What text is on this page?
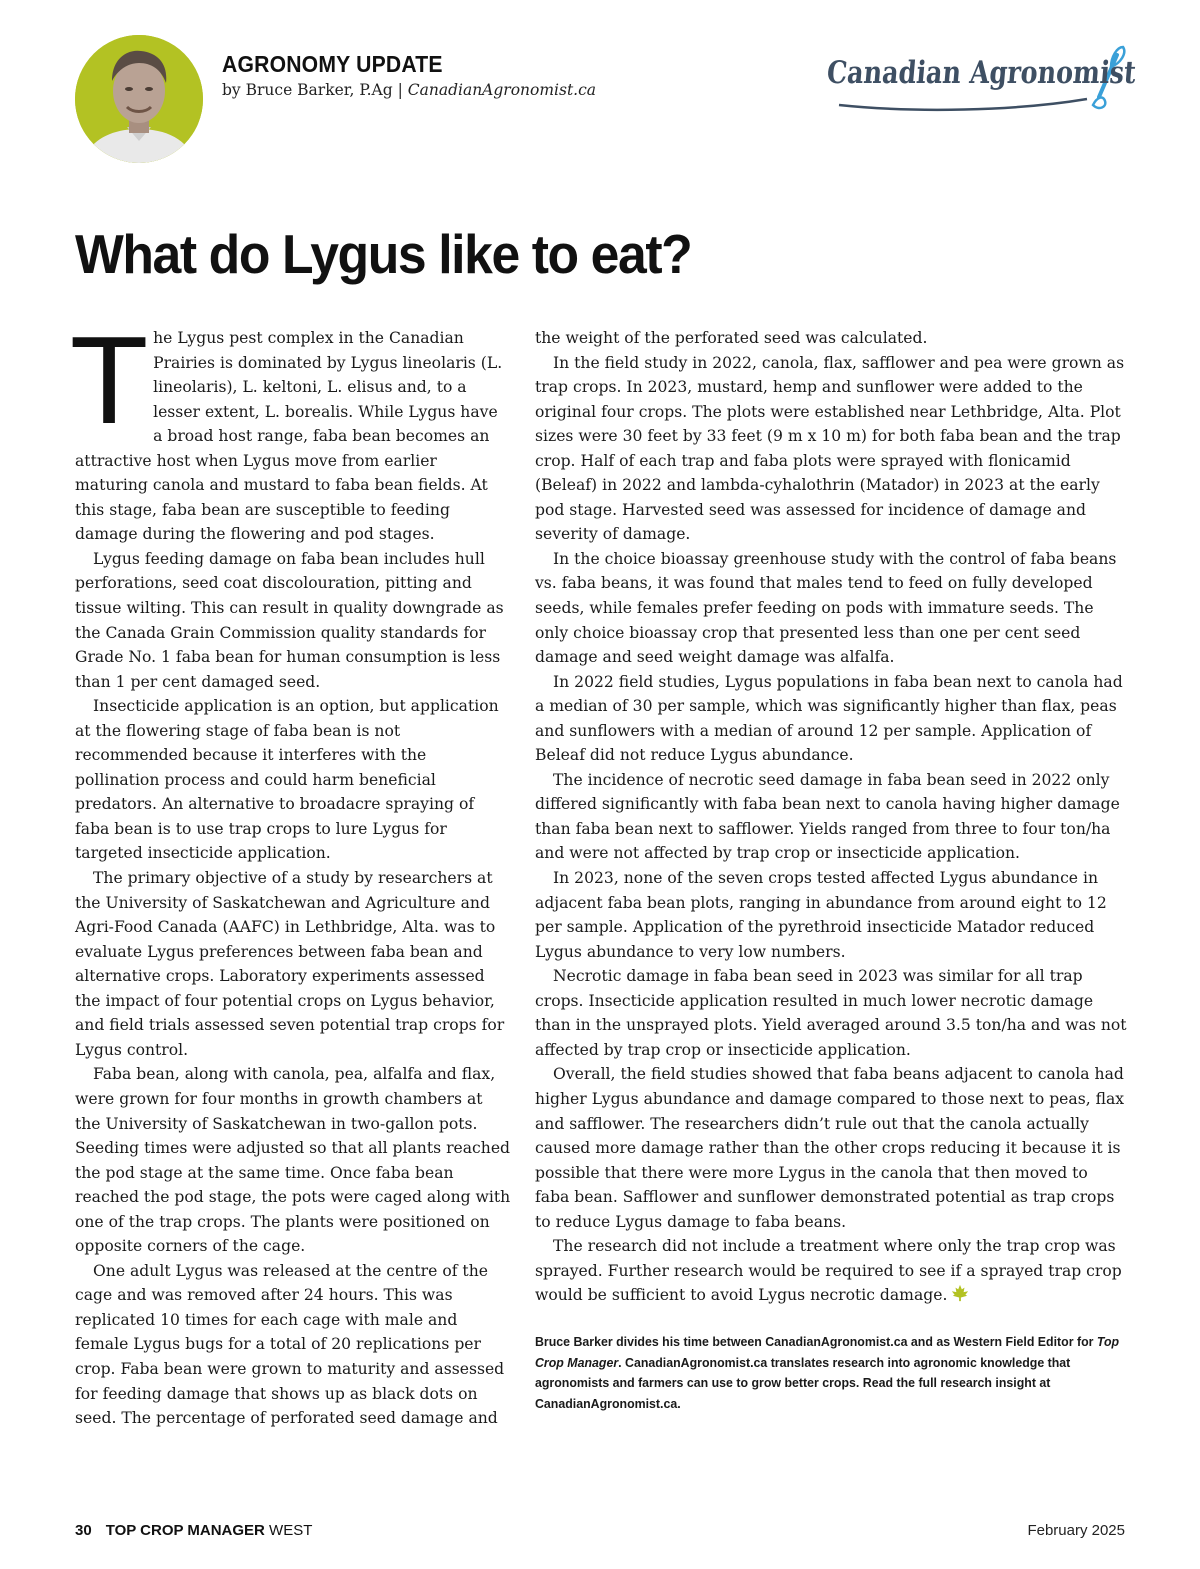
AGRONOMY UPDATE
by Bruce Barker, P.Ag | CanadianAgronomist.ca	Canadian Agronomist
What do Lygus like to eat?
T he Lygus pest complex in the Canadian Prairies is dominated by Lygus lineolaris (L. lineolaris), L. keltoni, L. elisus and, to a lesser extent, L. borealis. While Lygus have a broad host range, faba bean becomes an attractive host when Lygus move from earlier maturing canola and mustard to faba bean fields. At this stage, faba bean are susceptible to feeding damage during the flowering and pod stages.

Lygus feeding damage on faba bean includes hull perforations, seed coat discolouration, pitting and tissue wilting. This can result in quality downgrade as the Canada Grain Commission quality standards for Grade No. 1 faba bean for human consumption is less than 1 per cent damaged seed.

Insecticide application is an option, but application at the flowering stage of faba bean is not recommended because it interferes with the pollination process and could harm beneficial predators. An alternative to broadacre spraying of faba bean is to use trap crops to lure Lygus for targeted insecticide application.

The primary objective of a study by researchers at the University of Saskatchewan and Agriculture and Agri-Food Canada (AAFC) in Lethbridge, Alta. was to evaluate Lygus preferences between faba bean and alternative crops. Laboratory experiments assessed the impact of four potential crops on Lygus behavior, and field trials assessed seven potential trap crops for Lygus control.

Faba bean, along with canola, pea, alfalfa and flax, were grown for four months in growth chambers at the University of Saskatchewan in two-gallon pots. Seeding times were adjusted so that all plants reached the pod stage at the same time. Once faba bean reached the pod stage, the pots were caged along with one of the trap crops. The plants were positioned on opposite corners of the cage.

One adult Lygus was released at the centre of the cage and was removed after 24 hours. This was replicated 10 times for each cage with male and female Lygus bugs for a total of 20 replications per crop. Faba bean were grown to maturity and assessed for feeding damage that shows up as black dots on seed. The percentage of perforated seed damage and

the weight of the perforated seed was calculated.

In the field study in 2022, canola, flax, safflower and pea were grown as trap crops. In 2023, mustard, hemp and sunflower were added to the original four crops. The plots were established near Lethbridge, Alta. Plot sizes were 30 feet by 33 feet (9 m x 10 m) for both faba bean and the trap crop. Half of each trap and faba plots were sprayed with flonicamid (Beleaf) in 2022 and lambda-cyhalothrin (Matador) in 2023 at the early pod stage. Harvested seed was assessed for incidence of damage and severity of damage.

In the choice bioassay greenhouse study with the control of faba beans vs. faba beans, it was found that males tend to feed on fully developed seeds, while females prefer feeding on pods with immature seeds. The only choice bioassay crop that presented less than one per cent seed damage and seed weight damage was alfalfa.

In 2022 field studies, Lygus populations in faba bean next to canola had a median of 30 per sample, which was significantly higher than flax, peas and sunflowers with a median of around 12 per sample. Application of Beleaf did not reduce Lygus abundance.

The incidence of necrotic seed damage in faba bean seed in 2022 only differed significantly with faba bean next to canola having higher damage than faba bean next to safflower. Yields ranged from three to four ton/ha and were not affected by trap crop or insecticide application.

In 2023, none of the seven crops tested affected Lygus abundance in adjacent faba bean plots, ranging in abundance from around eight to 12 per sample. Application of the pyrethroid insecticide Matador reduced Lygus abundance to very low numbers.

Necrotic damage in faba bean seed in 2023 was similar for all trap crops. Insecticide application resulted in much lower necrotic damage than in the unsprayed plots. Yield averaged around 3.5 ton/ha and was not affected by trap crop or insecticide application.

Overall, the field studies showed that faba beans adjacent to canola had higher Lygus abundance and damage compared to those next to peas, flax and safflower. The researchers didn’t rule out that the canola actually caused more damage rather than the other crops reducing it because it is possible that there were more Lygus in the canola that then moved to faba bean. Safflower and sunflower demonstrated potential as trap crops to reduce Lygus damage to faba beans.

The research did not include a treatment where only the trap crop was sprayed. Further research would be required to see if a sprayed trap crop would be sufficient to avoid Lygus necrotic damage.

Bruce Barker divides his time between CanadianAgronomist.ca and as Western Field Editor for Top Crop Manager. CanadianAgronomist.ca translates research into agronomic knowledge that agronomists and farmers can use to grow better crops. Read the full research insight at CanadianAgronomist.ca.
30 TOP CROP MANAGER WEST	February 2025
